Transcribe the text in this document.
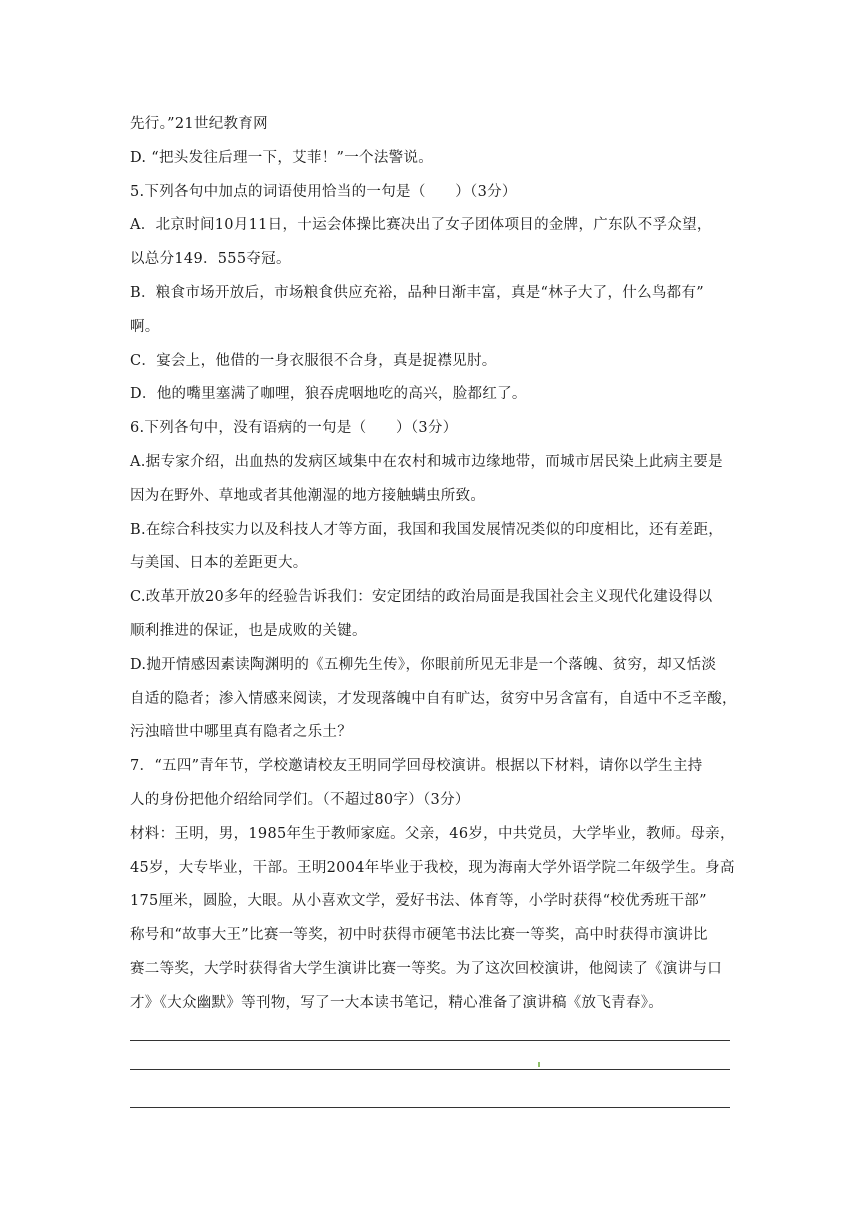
先行。”21世纪教育网
D. “把头发往后理一下，艾菲！”一个法警说。
5.下列各句中加点的词语使用恰当的一句是（　　）（3分）
A．北京时间10月11日，十运会体操比赛决出了女子团体项目的金牌，广东队不孚众望，
以总分149．555夺冠。
B．粮食市场开放后，市场粮食供应充裕，品种日渐丰富，真是“林子大了，什么鸟都有”
啊。
C．宴会上，他借的一身衣服很不合身，真是捉襟见肘。
D．他的嘴里塞满了咖哩，狼吞虎咽地吃的高兴，脸都红了。
6.下列各句中，没有语病的一句是（　　）（3分）
A.据专家介绍，出血热的发病区域集中在农村和城市边缘地带，而城市居民染上此病主要是
因为在野外、草地或者其他潮湿的地方接触螨虫所致。
B.在综合科技实力以及科技人才等方面，我国和我国发展情况类似的印度相比，还有差距，
与美国、日本的差距更大。
C.改革开放20多年的经验告诉我们：安定团结的政治局面是我国社会主义现代化建设得以
顺利推进的保证，也是成败的关键。
D.抛开情感因素读陶渊明的《五柳先生传》，你眼前所见无非是一个落魄、贫穷，却又恬淡
自适的隐者；渗入情感来阅读，才发现落魄中自有旷达，贫穷中另含富有，自适中不乏辛酸，
污浊暗世中哪里真有隐者之乐土？
7．“五四”青年节，学校邀请校友王明同学回母校演讲。根据以下材料，请你以学生主持
人的身份把他介绍给同学们。（不超过80字）（3分）
材料：王明，男，1985年生于教师家庭。父亲，46岁，中共党员，大学毕业，教师。母亲，
45岁，大专毕业，干部。王明2004年毕业于我校，现为海南大学外语学院二年级学生。身高
175厘米，圆脸，大眼。从小喜欢文学，爱好书法、体育等，小学时获得“校优秀班干部”
称号和“故事大王”比赛一等奖，初中时获得市硬笔书法比赛一等奖，高中时获得市演讲比
赛二等奖，大学时获得省大学生演讲比赛一等奖。为了这次回校演讲，他阅读了《演讲与口
才》《大众幽默》等刊物，写了一大本读书笔记，精心准备了演讲稿《放飞青春》。
